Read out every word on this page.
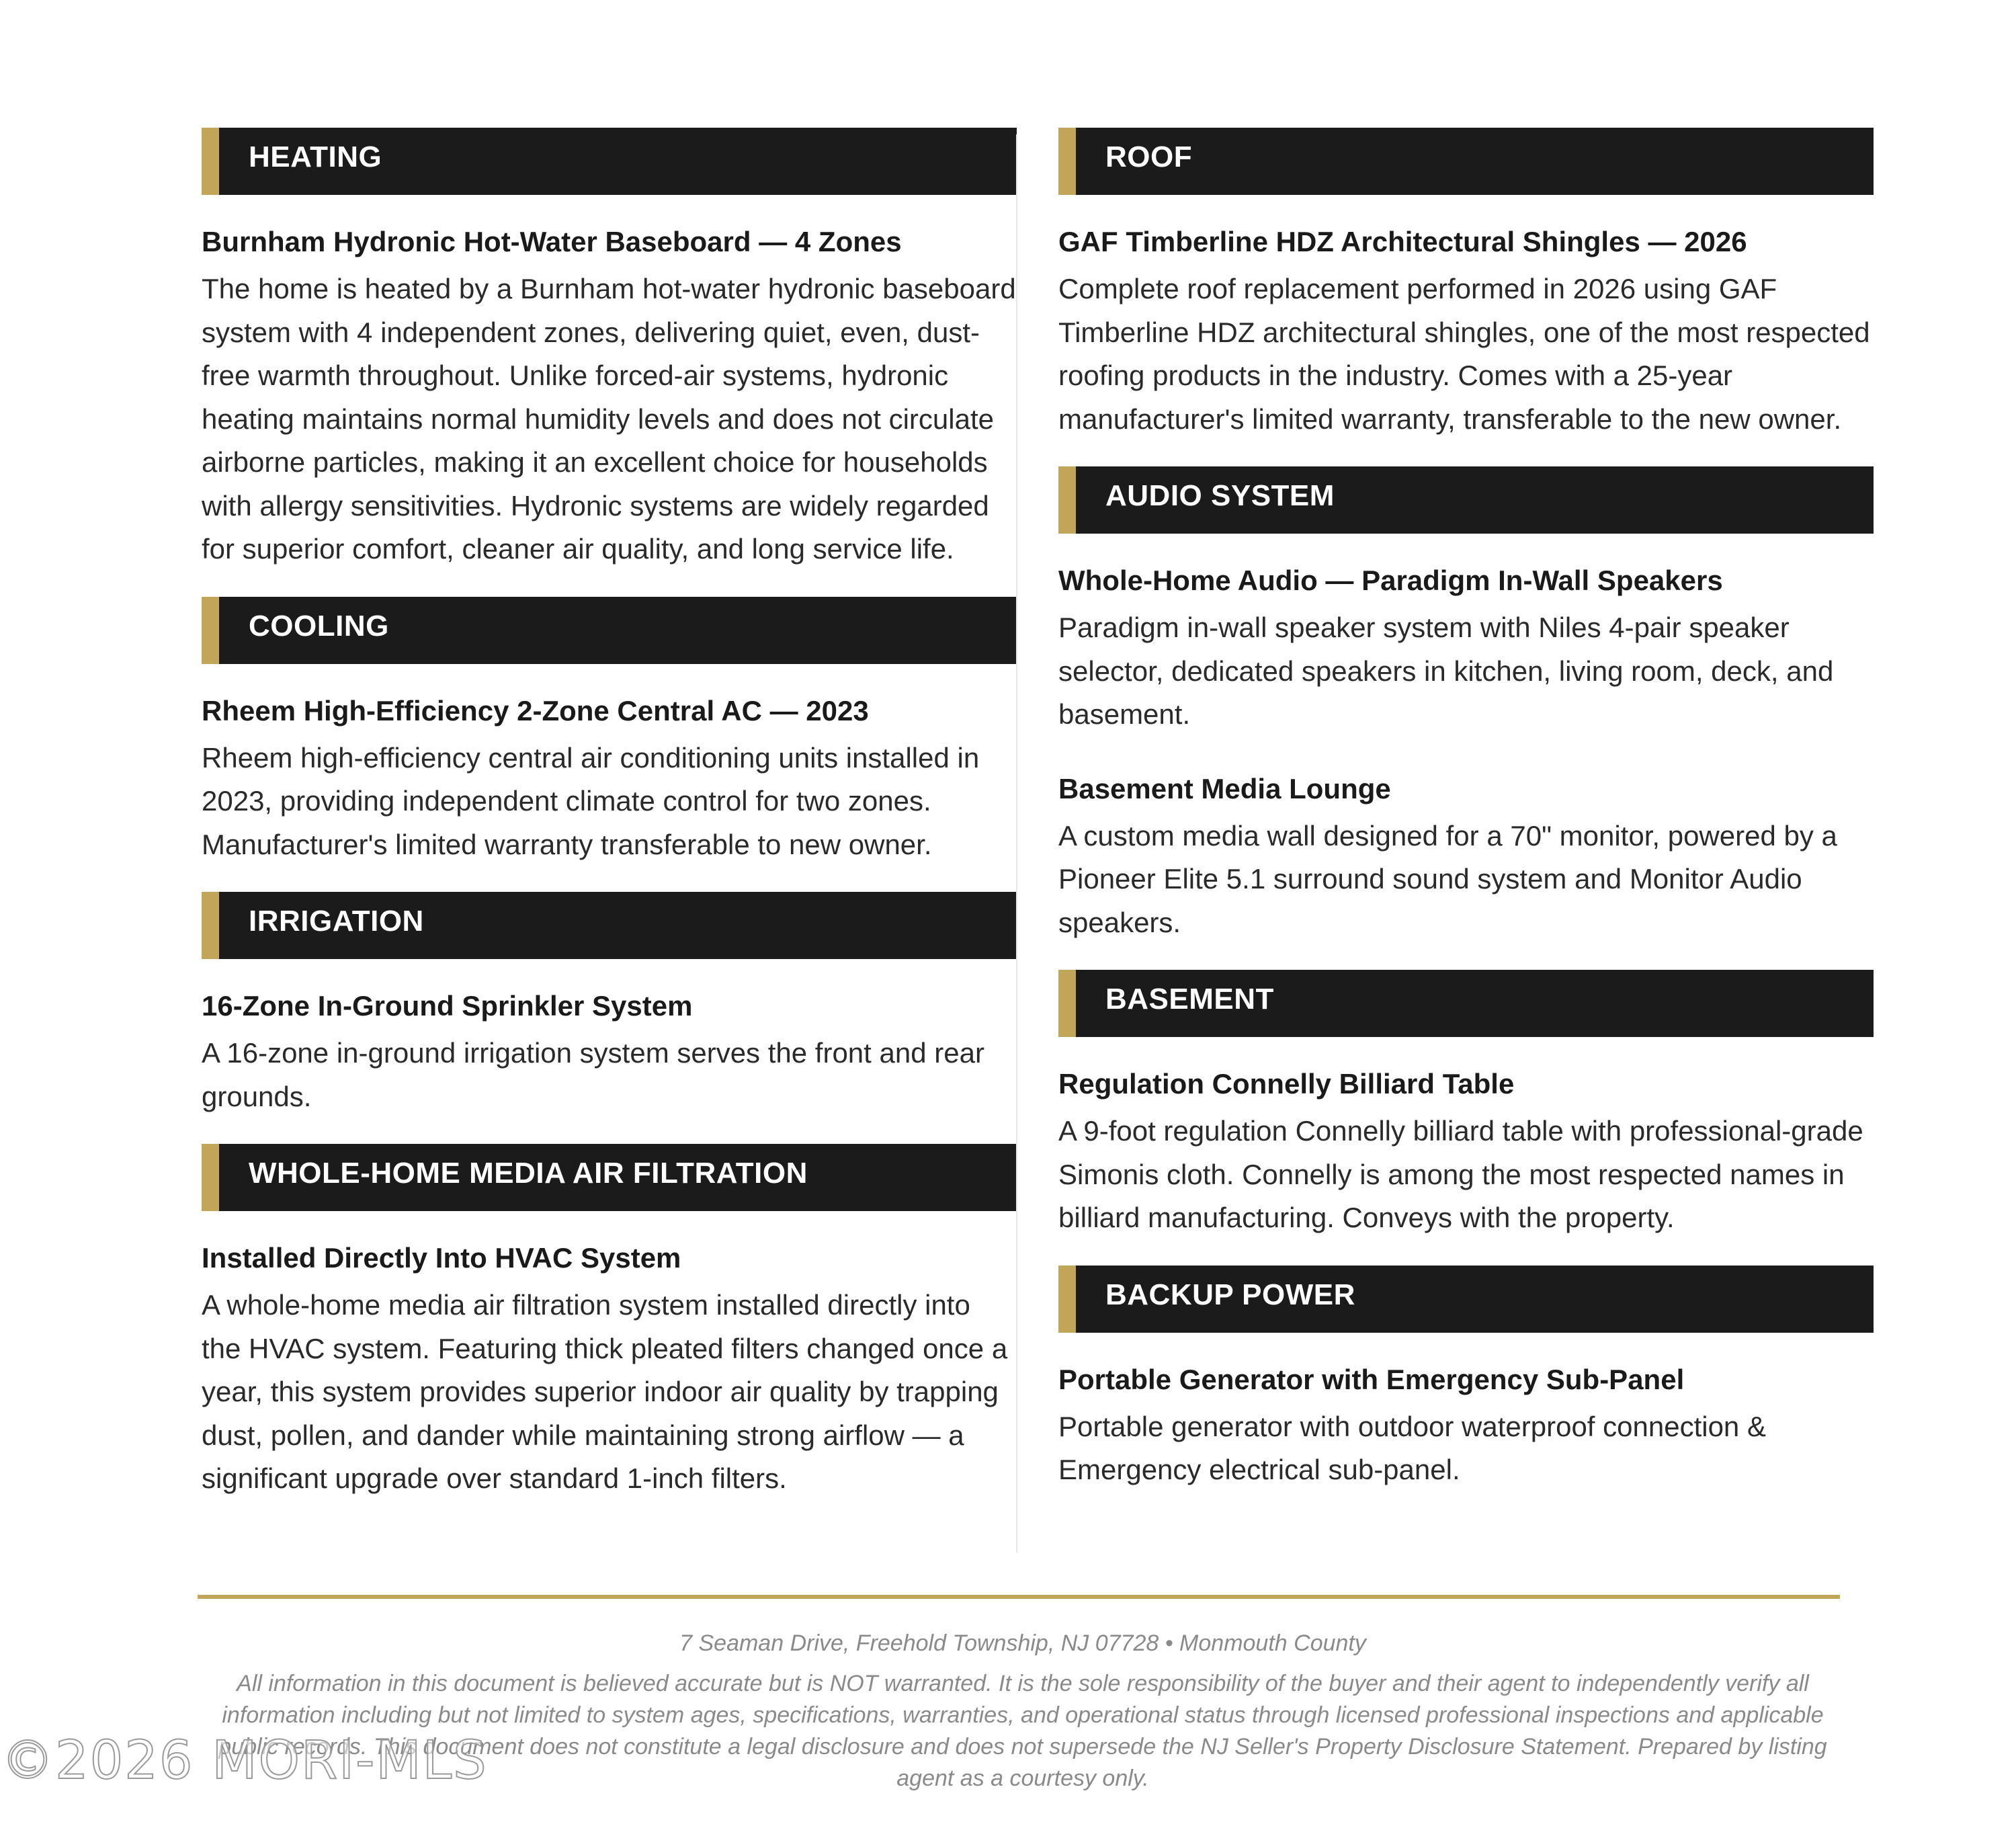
HEATING
Burnham Hydronic Hot-Water Baseboard — 4 Zones
The home is heated by a Burnham hot-water hydronic baseboard system with 4 independent zones, delivering quiet, even, dust-free warmth throughout. Unlike forced-air systems, hydronic heating maintains normal humidity levels and does not circulate airborne particles, making it an excellent choice for households with allergy sensitivities. Hydronic systems are widely regarded for superior comfort, cleaner air quality, and long service life.
COOLING
Rheem High-Efficiency 2-Zone Central AC — 2023
Rheem high-efficiency central air conditioning units installed in 2023, providing independent climate control for two zones. Manufacturer's limited warranty transferable to new owner.
IRRIGATION
16-Zone In-Ground Sprinkler System
A 16-zone in-ground irrigation system serves the front and rear grounds.
WHOLE-HOME MEDIA AIR FILTRATION
Installed Directly Into HVAC System
A whole-home media air filtration system installed directly into the HVAC system. Featuring thick pleated filters changed once a year, this system provides superior indoor air quality by trapping dust, pollen, and dander while maintaining strong airflow — a significant upgrade over standard 1-inch filters.
ROOF
GAF Timberline HDZ Architectural Shingles — 2026
Complete roof replacement performed in 2026 using GAF Timberline HDZ architectural shingles, one of the most respected roofing products in the industry. Comes with a 25-year manufacturer's limited warranty, transferable to the new owner.
AUDIO SYSTEM
Whole-Home Audio — Paradigm In-Wall Speakers
Paradigm in-wall speaker system with Niles 4-pair speaker selector, dedicated speakers in kitchen, living room, deck, and basement.
Basement Media Lounge
A custom media wall designed for a 70" monitor, powered by a Pioneer Elite 5.1 surround sound system and Monitor Audio speakers.
BASEMENT
Regulation Connelly Billiard Table
A 9-foot regulation Connelly billiard table with professional-grade Simonis cloth. Connelly is among the most respected names in billiard manufacturing. Conveys with the property.
BACKUP POWER
Portable Generator with Emergency Sub-Panel
Portable generator with outdoor waterproof connection & Emergency electrical sub-panel.
7 Seaman Drive, Freehold Township, NJ 07728 • Monmouth County
All information in this document is believed accurate but is NOT warranted. It is the sole responsibility of the buyer and their agent to independently verify all information including but not limited to system ages, specifications, warranties, and operational status through licensed professional inspections and applicable public records. This document does not constitute a legal disclosure and does not supersede the NJ Seller's Property Disclosure Statement. Prepared by listing agent as a courtesy only.
©2026 MORI-MLS
